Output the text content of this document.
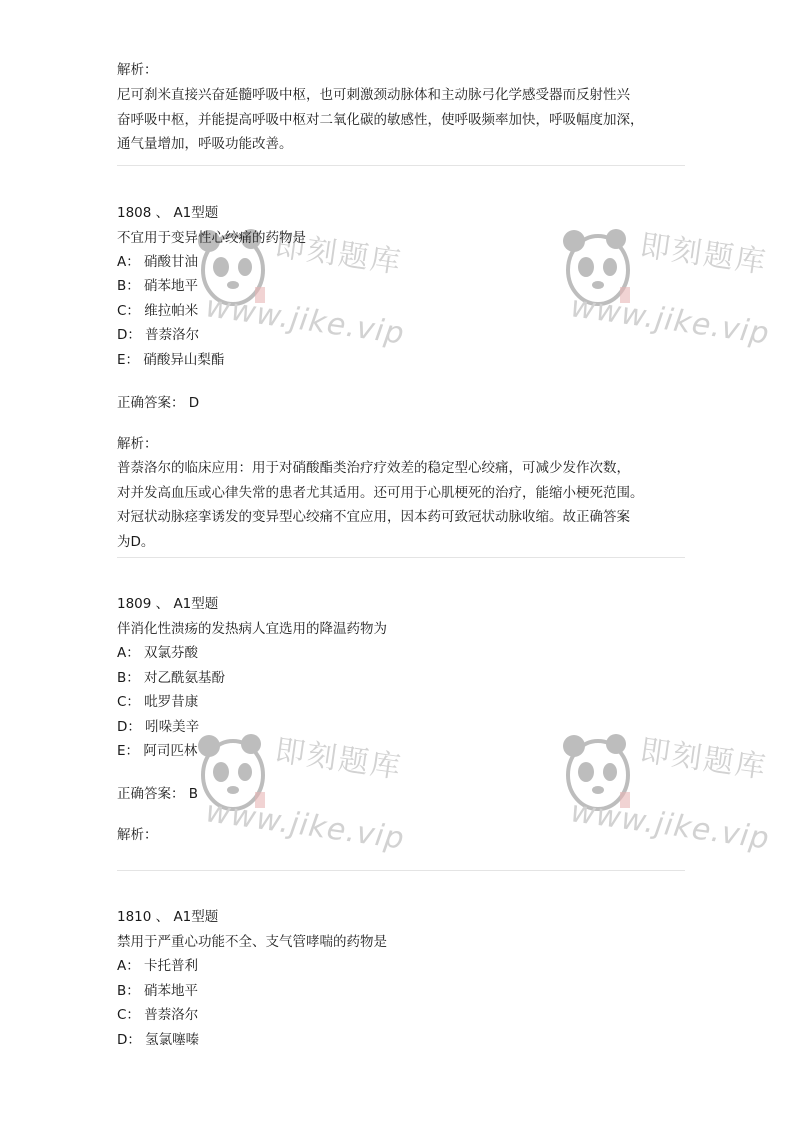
即刻题库
www.jike.vip
即刻题库
www.jike.vip
即刻题库
www.jike.vip
即刻题库
www.jike.vip
解析：
尼可刹米直接兴奋延髓呼吸中枢，也可刺激颈动脉体和主动脉弓化学感受器而反射性兴
奋呼吸中枢，并能提高呼吸中枢对二氧化碳的敏感性，使呼吸频率加快，呼吸幅度加深，
通气量增加，呼吸功能改善。
1808 、 A1型题
不宜用于变异性心绞痛的药物是
A： 硝酸甘油
B： 硝苯地平
C： 维拉帕米
D： 普萘洛尔
E： 硝酸异山梨酯
正确答案： D
解析：
普萘洛尔的临床应用：用于对硝酸酯类治疗疗效差的稳定型心绞痛，可减少发作次数，
对并发高血压或心律失常的患者尤其适用。还可用于心肌梗死的治疗，能缩小梗死范围。
对冠状动脉痉挛诱发的变异型心绞痛不宜应用，因本药可致冠状动脉收缩。故正确答案
为D。
1809 、 A1型题
伴消化性溃疡的发热病人宜选用的降温药物为
A： 双氯芬酸
B： 对乙酰氨基酚
C： 吡罗昔康
D： 吲哚美辛
E： 阿司匹林
正确答案： B
解析：
1810 、 A1型题
禁用于严重心功能不全、支气管哮喘的药物是
A： 卡托普利
B： 硝苯地平
C： 普萘洛尔
D： 氢氯噻嗪
